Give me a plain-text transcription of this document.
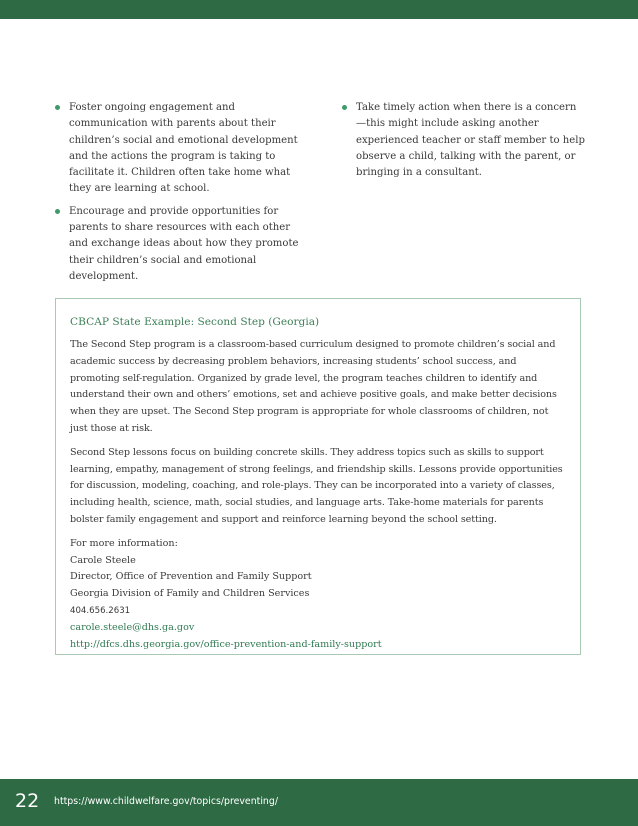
Foster ongoing engagement and communication with parents about their children’s social and emotional development and the actions the program is taking to facilitate it. Children often take home what they are learning at school.
Encourage and provide opportunities for parents to share resources with each other and exchange ideas about how they promote their children’s social and emotional development.
Take timely action when there is a concern—this might include asking another experienced teacher or staff member to help observe a child, talking with the parent, or bringing in a consultant.
CBCAP State Example: Second Step (Georgia)
The Second Step program is a classroom-based curriculum designed to promote children’s social and academic success by decreasing problem behaviors, increasing students’ school success, and promoting self-regulation. Organized by grade level, the program teaches children to identify and understand their own and others’ emotions, set and achieve positive goals, and make better decisions when they are upset. The Second Step program is appropriate for whole classrooms of children, not just those at risk.
Second Step lessons focus on building concrete skills. They address topics such as skills to support learning, empathy, management of strong feelings, and friendship skills. Lessons provide opportunities for discussion, modeling, coaching, and role-plays. They can be incorporated into a variety of classes, including health, science, math, social studies, and language arts. Take-home materials for parents bolster family engagement and support and reinforce learning beyond the school setting.
For more information:
Carole Steele
Director, Office of Prevention and Family Support
Georgia Division of Family and Children Services
404.656.2631
carole.steele@dhs.ga.gov
http://dfcs.dhs.georgia.gov/office-prevention-and-family-support
22 https://www.childwelfare.gov/topics/preventing/
